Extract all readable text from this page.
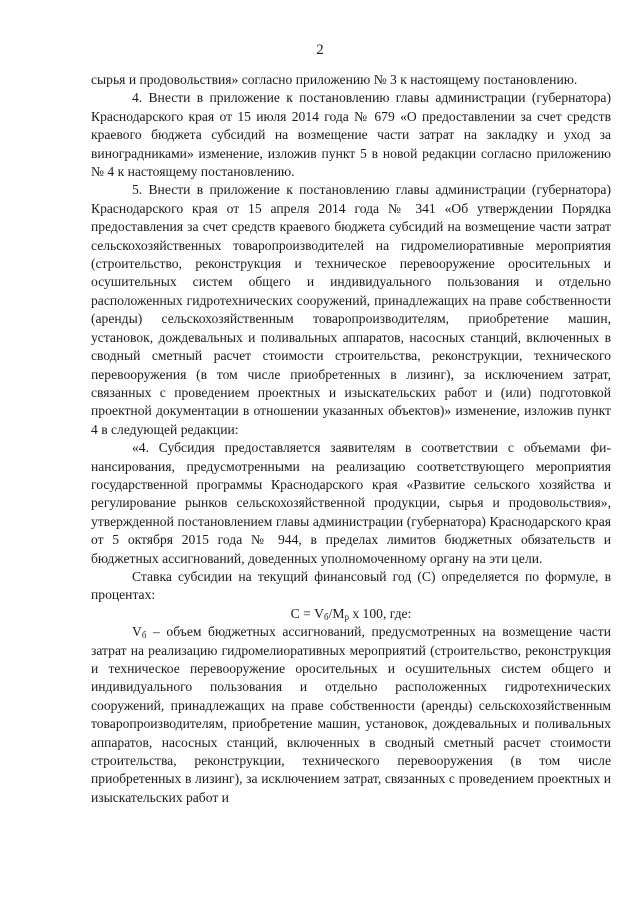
2

сырья и продовольствия» согласно приложению № 3 к настоящему постановлению.

4. Внести в приложение к постановлению главы администрации (губернатора) Краснодарского края от 15 июля 2014 года № 679 «О предоставлении за счет средств краевого бюджета субсидий на возмещение части затрат на закладку и уход за виноградниками» изменение, изложив пункт 5 в новой редакции согласно приложению № 4 к настоящему постановлению.

5. Внести в приложение к постановлению главы администрации (губернатора) Краснодарского края от 15 апреля 2014 года № 341 «Об утверждении Порядка предоставления за счет средств краевого бюджета субсидий на возмещение части затрат сельскохозяйственных товаропроизводителей на гидромелиоративные мероприятия (строительство, реконструкция и техническое перевооружение оросительных и осушительных систем общего и индивидуального пользования и отдельно расположенных гидротехнических сооружений, принадлежащих на праве собственности (аренды) сельскохозяйственным товаропроизводителям, приобретение машин, установок, дождевальных и поливальных аппаратов, насосных станций, включенных в сводный сметный расчет стоимости строительства, реконструкции, технического перевооружения (в том числе приобретенных в лизинг), за исключением затрат, связанных с проведением проектных и изыскательских работ и (или) подготовкой проектной документации в отношении указанных объектов)» изменение, изложив пункт 4 в следующей редакции:

«4. Субсидия предоставляется заявителям в соответствии с объемами финансирования, предусмотренными на реализацию соответствующего мероприятия государственной программы Краснодарского края «Развитие сельского хозяйства и регулирование рынков сельскохозяйственной продукции, сырья и продовольствия», утвержденной постановлением главы администрации (губернатора) Краснодарского края от 5 октября 2015 года № 944, в пределах лимитов бюджетных обязательств и бюджетных ассигнований, доведенных уполномоченному органу на эти цели.

Ставка субсидии на текущий финансовый год (С) определяется по формуле, в процентах:

$С = V_б/М_р$ х 100, где:

$V_б$ – объем бюджетных ассигнований, предусмотренных на возмещение части затрат на реализацию гидромелиоративных мероприятий (строительство, реконструкция и техническое перевооружение оросительных и осушительных систем общего и индивидуального пользования и отдельно расположенных гидротехнических сооружений, принадлежащих на праве собственности (аренды) сельскохозяйственным товаропроизводителям, приобретение машин, установок, дождевальных и поливальных аппаратов, насосных станций, включенных в сводный сметный расчет стоимости строительства, реконструкции, технического перевооружения (в том числе приобретенных в лизинг), за исключением затрат, связанных с проведением проектных и изыскательских работ и
